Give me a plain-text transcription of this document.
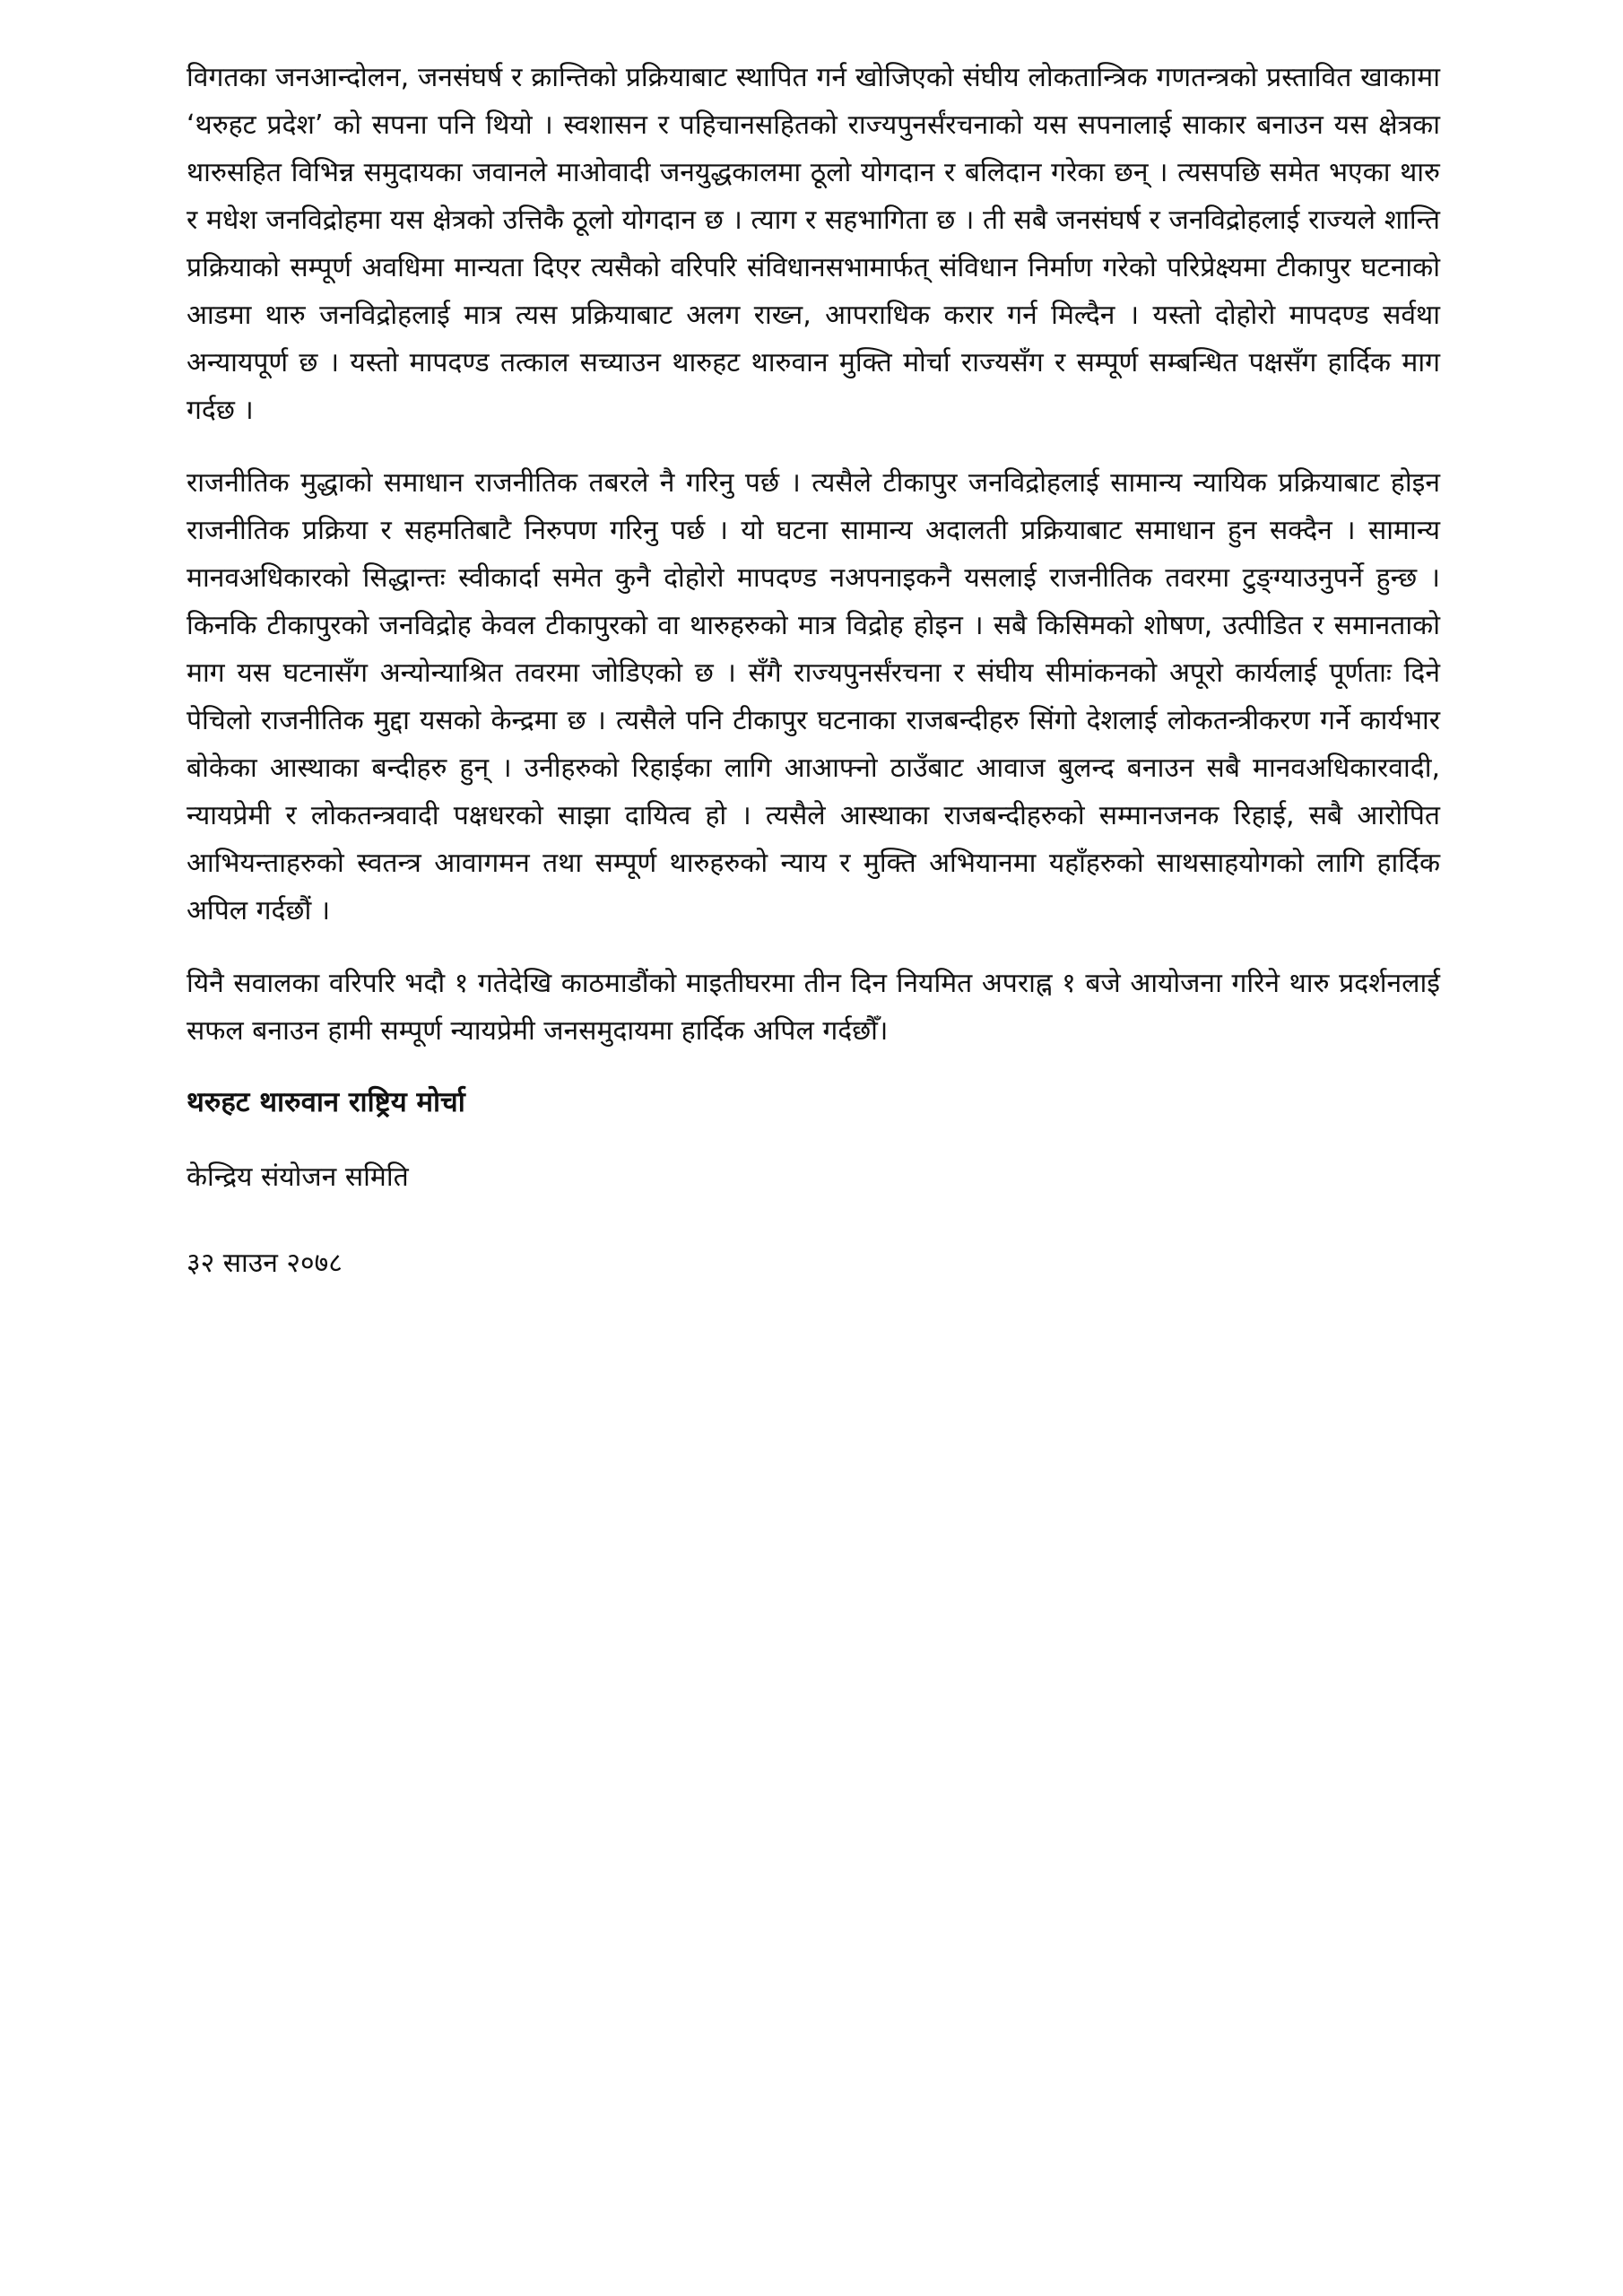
विगतका जनआन्दोलन, जनसंघर्ष र क्रान्तिको प्रक्रियाबाट स्थापित गर्न खोजिएको संघीय लोकतान्त्रिक गणतन्त्रको प्रस्तावित खाकामा ‘थरुहट प्रदेश’ को सपना पनि थियो । स्वशासन र पहिचानसहितको राज्यपुनर्संरचनाको यस सपनालाई साकार बनाउन यस क्षेत्रका थारुसहित विभिन्न समुदायका जवानले माओवादी जनयुद्धकालमा ठूलो योगदान र बलिदान गरेका छन् । त्यसपछि समेत भएका थारु र मधेश जनविद्रोहमा यस क्षेत्रको उत्तिकै ठूलो योगदान छ । त्याग र सहभागिता छ । ती सबै जनसंघर्ष र जनविद्रोहलाई राज्यले शान्ति प्रक्रियाको सम्पूर्ण अवधिमा मान्यता दिएर त्यसैको वरिपरि संविधानसभामार्फत् संविधान निर्माण गरेको परिप्रेक्ष्यमा टीकापुर घटनाको आडमा थारु जनविद्रोहलाई मात्र त्यस प्रक्रियाबाट अलग राख्न, आपराधिक करार गर्न मिल्दैन । यस्तो दोहोरो मापदण्ड सर्वथा अन्यायपूर्ण छ । यस्तो मापदण्ड तत्काल सच्याउन थारुहट थारुवान मुक्ति मोर्चा राज्यसँग र सम्पूर्ण सम्बन्धित पक्षसँग हार्दिक माग गर्दछ ।

राजनीतिक मुद्धाको समाधान राजनीतिक तबरले नै गरिनु पर्छ । त्यसैले टीकापुर जनविद्रोहलाई सामान्य न्यायिक प्रक्रियाबाट होइन राजनीतिक प्रक्रिया र सहमतिबाटै निरुपण गरिनु पर्छ । यो घटना सामान्य अदालती प्रक्रियाबाट समाधान हुन सक्दैन । सामान्य मानवअधिकारको सिद्धान्तः स्वीकार्दा समेत कुनै दोहोरो मापदण्ड नअपनाइकनै यसलाई राजनीतिक तवरमा टुङ्ग्याउनुपर्ने हुन्छ । किनकि टीकापुरको जनविद्रोह केवल टीकापुरको वा थारुहरुको मात्र विद्रोह होइन । सबै किसिमको शोषण, उत्पीडित र समानताको माग यस घटनासँग अन्योन्याश्रित तवरमा जोडिएको छ । सँगै राज्यपुनर्संरचना र संघीय सीमांकनको अपूरो कार्यलाई पूर्णताः दिने पेचिलो राजनीतिक मुद्दा यसको केन्द्रमा छ । त्यसैले पनि टीकापुर घटनाका राजबन्दीहरु सिंगो देशलाई लोकतन्त्रीकरण गर्ने कार्यभार बोकेका आस्थाका बन्दीहरु हुन् । उनीहरुको रिहाईका लागि आआफ्नो ठाउँबाट आवाज बुलन्द बनाउन सबै मानवअधिकारवादी, न्यायप्रेमी र लोकतन्त्रवादी पक्षधरको साझा दायित्व हो । त्यसैले आस्थाका राजबन्दीहरुको सम्मानजनक रिहाई, सबै आरोपित आभियन्ताहरुको स्वतन्त्र आवागमन तथा सम्पूर्ण थारुहरुको न्याय र मुक्ति अभियानमा यहाँहरुको साथसाहयोगको लागि हार्दिक अपिल गर्दछौं ।

यिनै सवालका वरिपरि भदौ १ गतेदेखि काठमाडौंको माइतीघरमा तीन दिन नियमित अपराह्न १ बजे आयोजना गरिने थारु प्रदर्शनलाई सफल बनाउन हामी सम्पूर्ण न्यायप्रेमी जनसमुदायमा हार्दिक अपिल गर्दछौँ।

थरुहट थारुवान राष्ट्रिय मोर्चा
केन्द्रिय संयोजन समिति
३२ साउन २०७८
